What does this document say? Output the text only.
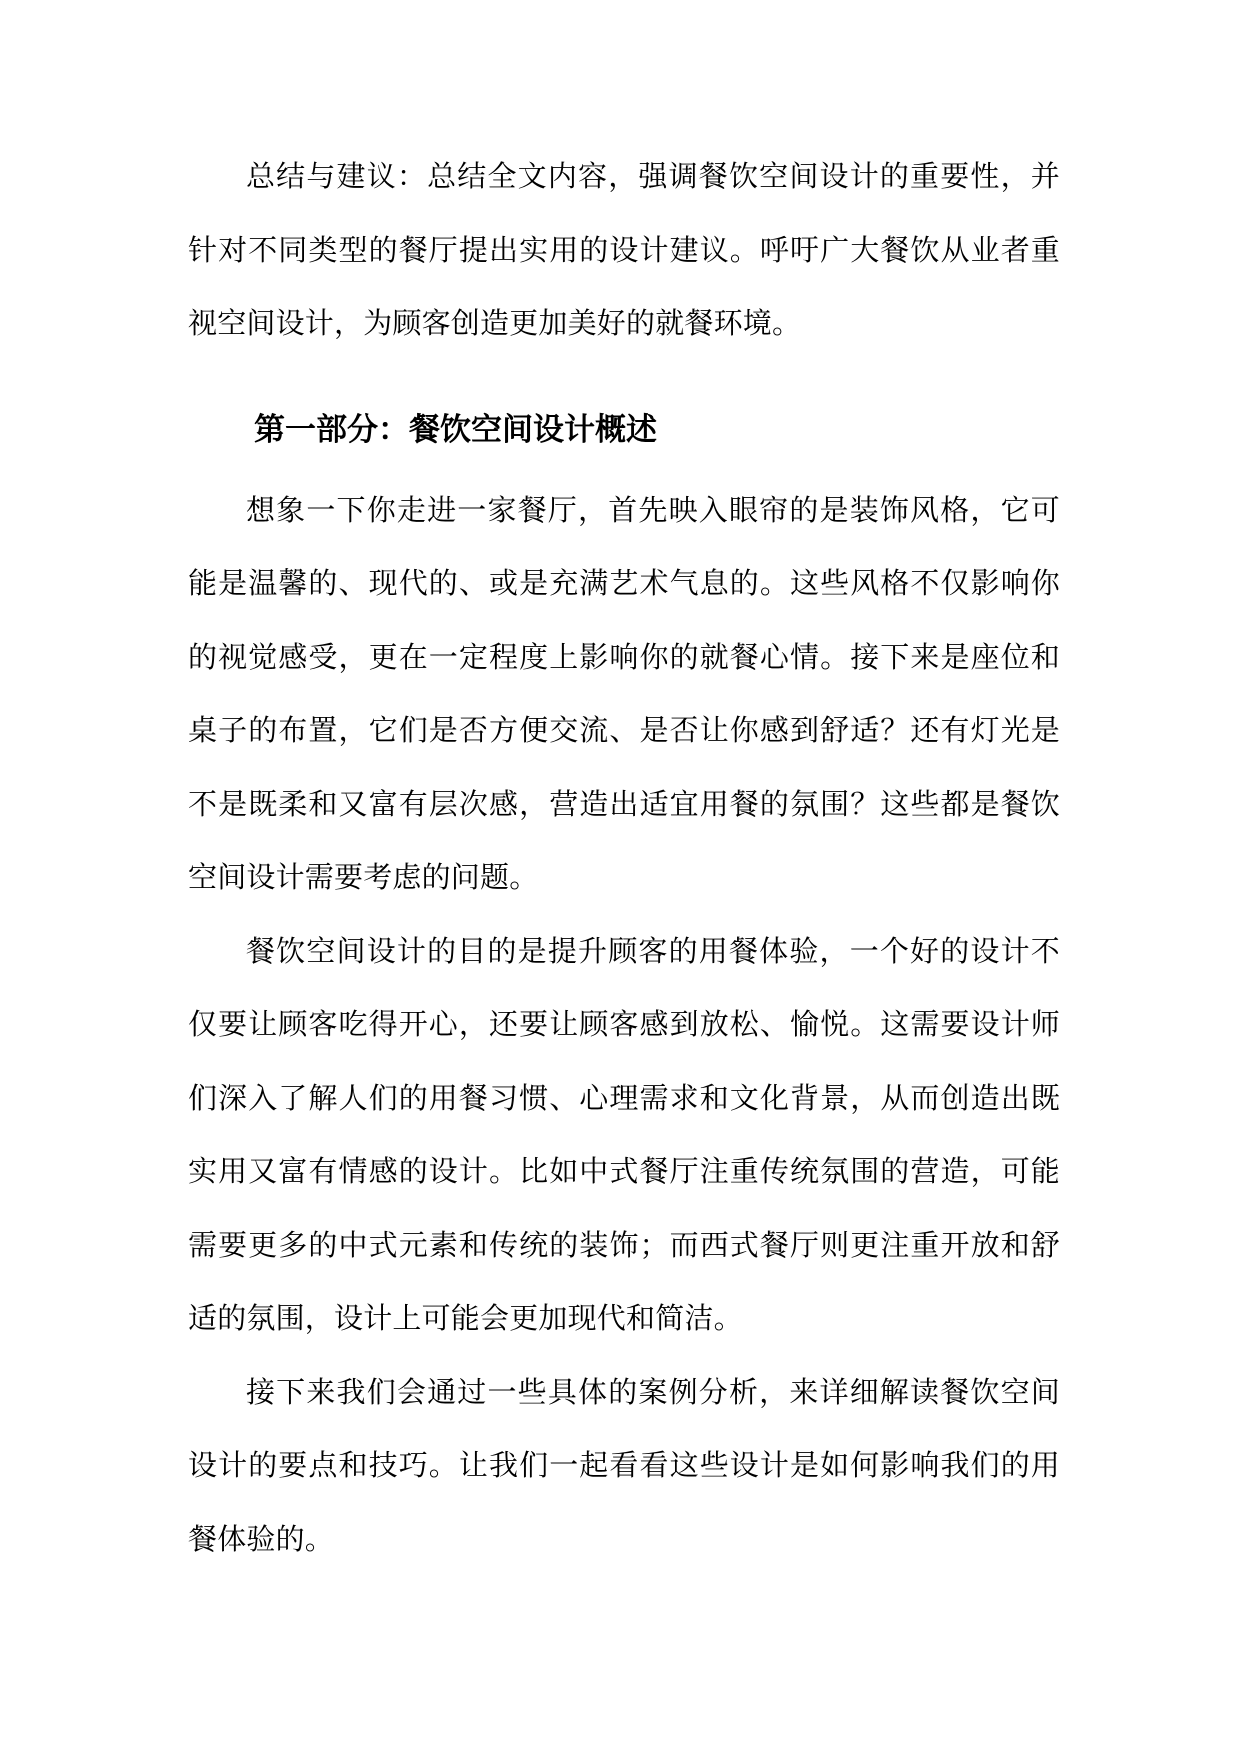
总结与建议：总结全文内容，强调餐饮空间设计的重要性，并针对不同类型的餐厅提出实用的设计建议。呼吁广大餐饮从业者重视空间设计，为顾客创造更加美好的就餐环境。

第一部分：餐饮空间设计概述

想象一下你走进一家餐厅，首先映入眼帘的是装饰风格，它可能是温馨的、现代的、或是充满艺术气息的。这些风格不仅影响你的视觉感受，更在一定程度上影响你的就餐心情。接下来是座位和桌子的布置，它们是否方便交流、是否让你感到舒适？还有灯光是不是既柔和又富有层次感，营造出适宜用餐的氛围？这些都是餐饮空间设计需要考虑的问题。

餐饮空间设计的目的是提升顾客的用餐体验，一个好的设计不仅要让顾客吃得开心，还要让顾客感到放松、愉悦。这需要设计师们深入了解人们的用餐习惯、心理需求和文化背景，从而创造出既实用又富有情感的设计。比如中式餐厅注重传统氛围的营造，可能需要更多的中式元素和传统的装饰；而西式餐厅则更注重开放和舒适的氛围，设计上可能会更加现代和简洁。

接下来我们会通过一些具体的案例分析，来详细解读餐饮空间设计的要点和技巧。让我们一起看看这些设计是如何影响我们的用餐体验的。
